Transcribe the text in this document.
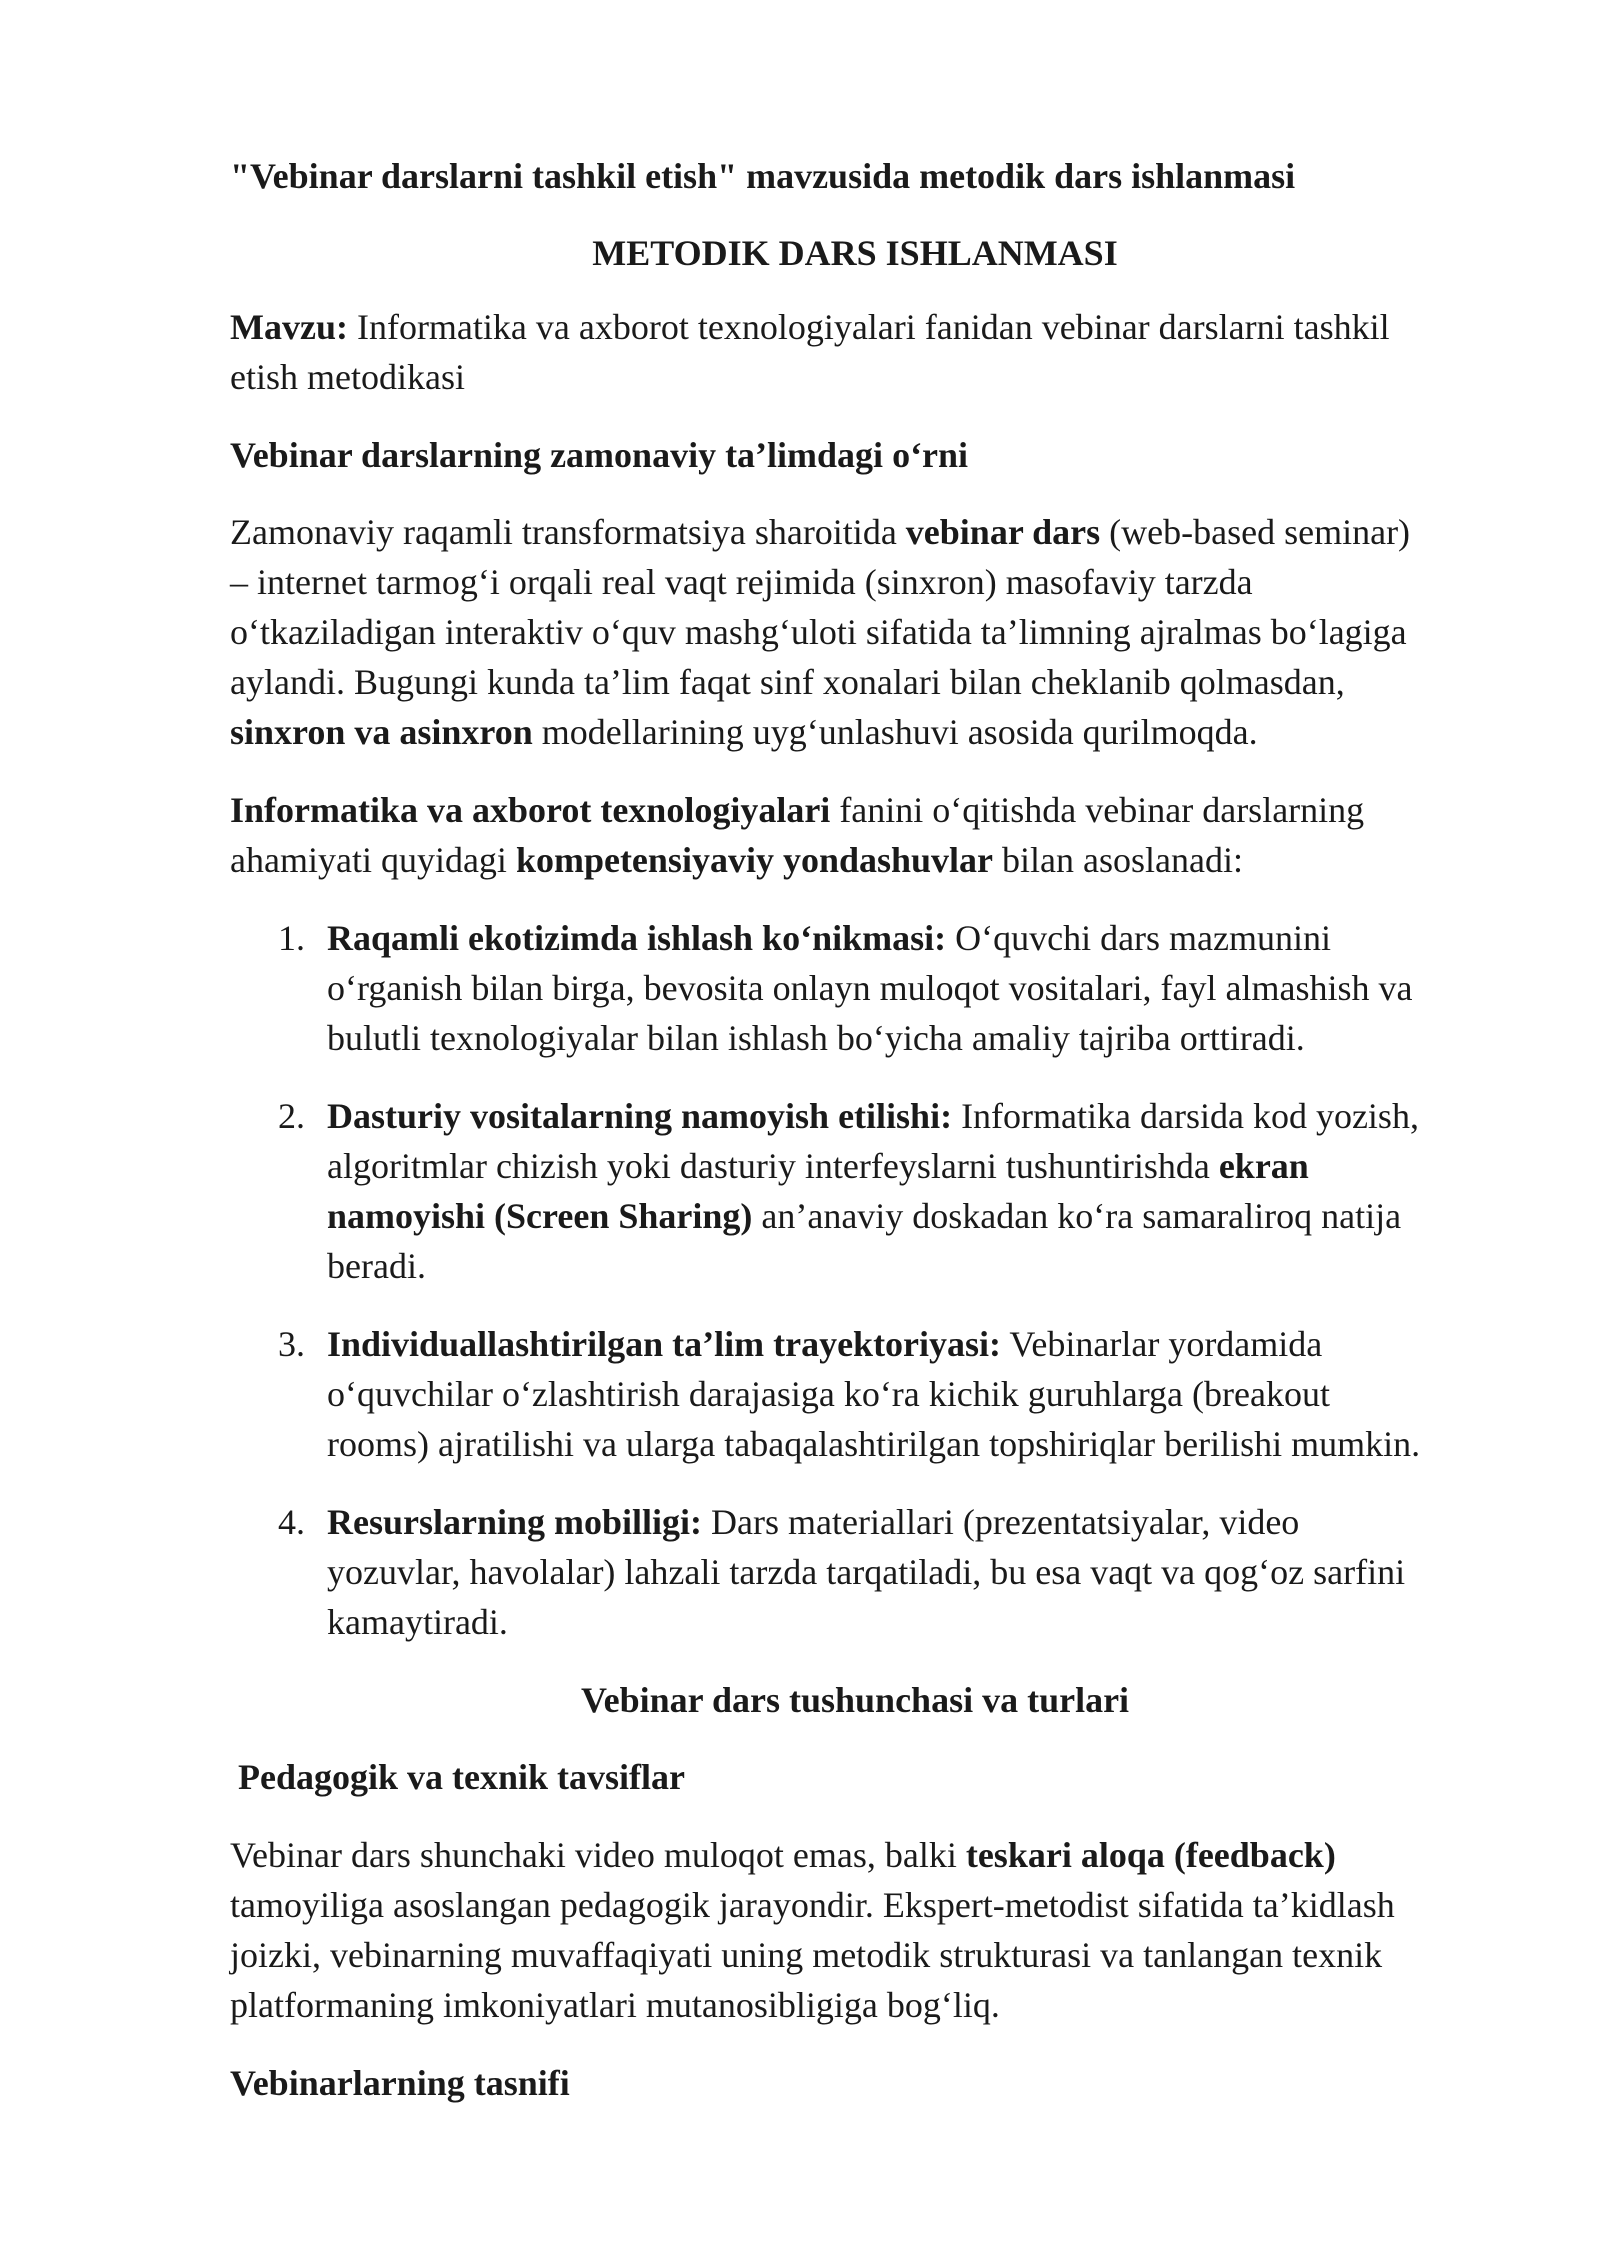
"Vebinar darslarni tashkil etish" mavzusida metodik dars ishlanmasi

METODIK DARS ISHLANMASI

Mavzu: Informatika va axborot texnologiyalari fanidan vebinar darslarni tashkil

etish metodikasi

Vebinar darslarning zamonaviy ta’limdagi o‘rni

Zamonaviy raqamli transformatsiya sharoitida vebinar dars (web-based seminar)

– internet tarmog‘i orqali real vaqt rejimida (sinxron) masofaviy tarzda

o‘tkaziladigan interaktiv o‘quv mashg‘uloti sifatida ta’limning ajralmas bo‘lagiga

aylandi. Bugungi kunda ta’lim faqat sinf xonalari bilan cheklanib qolmasdan,

sinxron va asinxron modellarining uyg‘unlashuvi asosida qurilmoqda.

Informatika va axborot texnologiyalari fanini o‘qitishda vebinar darslarning

ahamiyati quyidagi kompetensiyaviy yondashuvlar bilan asoslanadi:

1. Raqamli ekotizimda ishlash ko‘nikmasi: O‘quvchi dars mazmunini

o‘rganish bilan birga, bevosita onlayn muloqot vositalari, fayl almashish va

bulutli texnologiyalar bilan ishlash bo‘yicha amaliy tajriba orttiradi.

2. Dasturiy vositalarning namoyish etilishi: Informatika darsida kod yozish,

algoritmlar chizish yoki dasturiy interfeyslarni tushuntirishda ekran

namoyishi (Screen Sharing) an’anaviy doskadan ko‘ra samaraliroq natija

beradi.

3. Individuallashtirilgan ta’lim trayektoriyasi: Vebinarlar yordamida

o‘quvchilar o‘zlashtirish darajasiga ko‘ra kichik guruhlarga (breakout

rooms) ajratilishi va ularga tabaqalashtirilgan topshiriqlar berilishi mumkin.

4. Resurslarning mobilligi: Dars materiallari (prezentatsiyalar, video

yozuvlar, havolalar) lahzali tarzda tarqatiladi, bu esa vaqt va qog‘oz sarfini

kamaytiradi.

Vebinar dars tushunchasi va turlari

Pedagogik va texnik tavsiflar

Vebinar dars shunchaki video muloqot emas, balki teskari aloqa (feedback)

tamoyiliga asoslangan pedagogik jarayondir. Ekspert-metodist sifatida ta’kidlash

joizki, vebinarning muvaffaqiyati uning metodik strukturasi va tanlangan texnik

platformaning imkoniyatlari mutanosibligiga bog‘liq.

Vebinarlarning tasnifi
